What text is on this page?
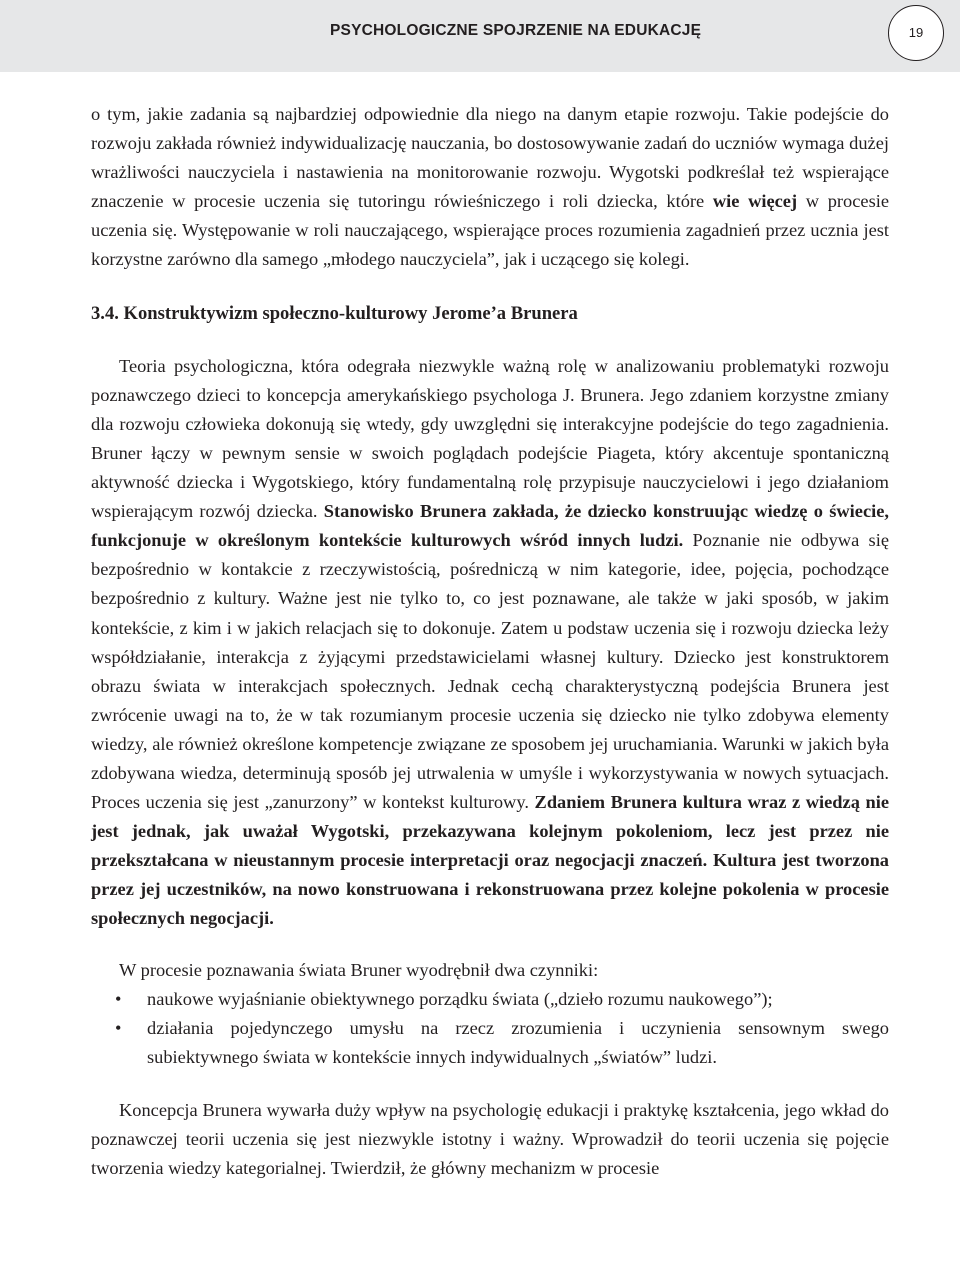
PSYCHOLOGICZNE SPOJRZENIE NA EDUKACJĘ	19

o tym, jakie zadania są najbardziej odpowiednie dla niego na danym etapie rozwoju. Takie podejście do rozwoju zakłada również indywidualizację nauczania, bo dostosowywanie zadań do uczniów wymaga dużej wrażliwości nauczyciela i nastawienia na monitorowanie rozwoju. Wygotski podkreślał też wspierające znaczenie w procesie uczenia się tutoringu rówieśniczego i roli dziecka, które wie więcej w procesie uczenia się. Występowanie w roli nauczającego, wspierające proces rozumienia zagadnień przez ucznia jest korzystne zarówno dla samego „młodego nauczyciela”, jak i uczącego się kolegi.

3.4. Konstruktywizm społeczno-kulturowy Jerome’a Brunera

Teoria psychologiczna, która odegrała niezwykle ważną rolę w analizowaniu problematyki rozwoju poznawczego dzieci to koncepcja amerykańskiego psychologa J. Brunera. Jego zdaniem korzystne zmiany dla rozwoju człowieka dokonują się wtedy, gdy uwzględni się interakcyjne podejście do tego zagadnienia. Bruner łączy w pewnym sensie w swoich poglądach podejście Piageta, który akcentuje spontaniczną aktywność dziecka i Wygotskiego, który fundamentalną rolę przypisuje nauczycielowi i jego działaniom wspierającym rozwój dziecka. Stanowisko Brunera zakłada, że dziecko konstruując wiedzę o świecie, funkcjonuje w określonym kontekście kulturowych wśród innych ludzi. Poznanie nie odbywa się bezpośrednio w kontakcie z rzeczywistością, pośredniczą w nim kategorie, idee, pojęcia, pochodzące bezpośrednio z kultury. Ważne jest nie tylko to, co jest poznawane, ale także w jaki sposób, w jakim kontekście, z kim i w jakich relacjach się to dokonuje. Zatem u podstaw uczenia się i rozwoju dziecka leży współdziałanie, interakcja z żyjącymi przedstawicielami własnej kultury. Dziecko jest konstruktorem obrazu świata w interakcjach społecznych. Jednak cechą charakterystyczną podejścia Brunera jest zwrócenie uwagi na to, że w tak rozumianym procesie uczenia się dziecko nie tylko zdobywa elementy wiedzy, ale również określone kompetencje związane ze sposobem jej uruchamiania. Warunki w jakich była zdobywana wiedza, determinują sposób jej utrwalenia w umyśle i wykorzystywania w nowych sytuacjach. Proces uczenia się jest „zanurzony” w kontekst kulturowy. Zdaniem Brunera kultura wraz z wiedzą nie jest jednak, jak uważał Wygotski, przekazywana kolejnym pokoleniom, lecz jest przez nie przekształcana w nieustannym procesie interpretacji oraz negocjacji znaczeń. Kultura jest tworzona przez jej uczestników, na nowo konstruowana i rekonstruowana przez kolejne pokolenia w procesie społecznych negocjacji.

W procesie poznawania świata Bruner wyodrębnił dwa czynniki:

• naukowe wyjaśnianie obiektywnego porządku świata („dzieło rozumu naukowego”);
• działania pojedynczego umysłu na rzecz zrozumienia i uczynienia sensownym swego subiektywnego świata w kontekście innych indywidualnych „światów” ludzi.

Koncepcja Brunera wywarła duży wpływ na psychologię edukacji i praktykę kształcenia, jego wkład do poznawczej teorii uczenia się jest niezwykle istotny i ważny. Wprowadził do teorii uczenia się pojęcie tworzenia wiedzy kategorialnej. Twierdził, że główny mechanizm w procesie
